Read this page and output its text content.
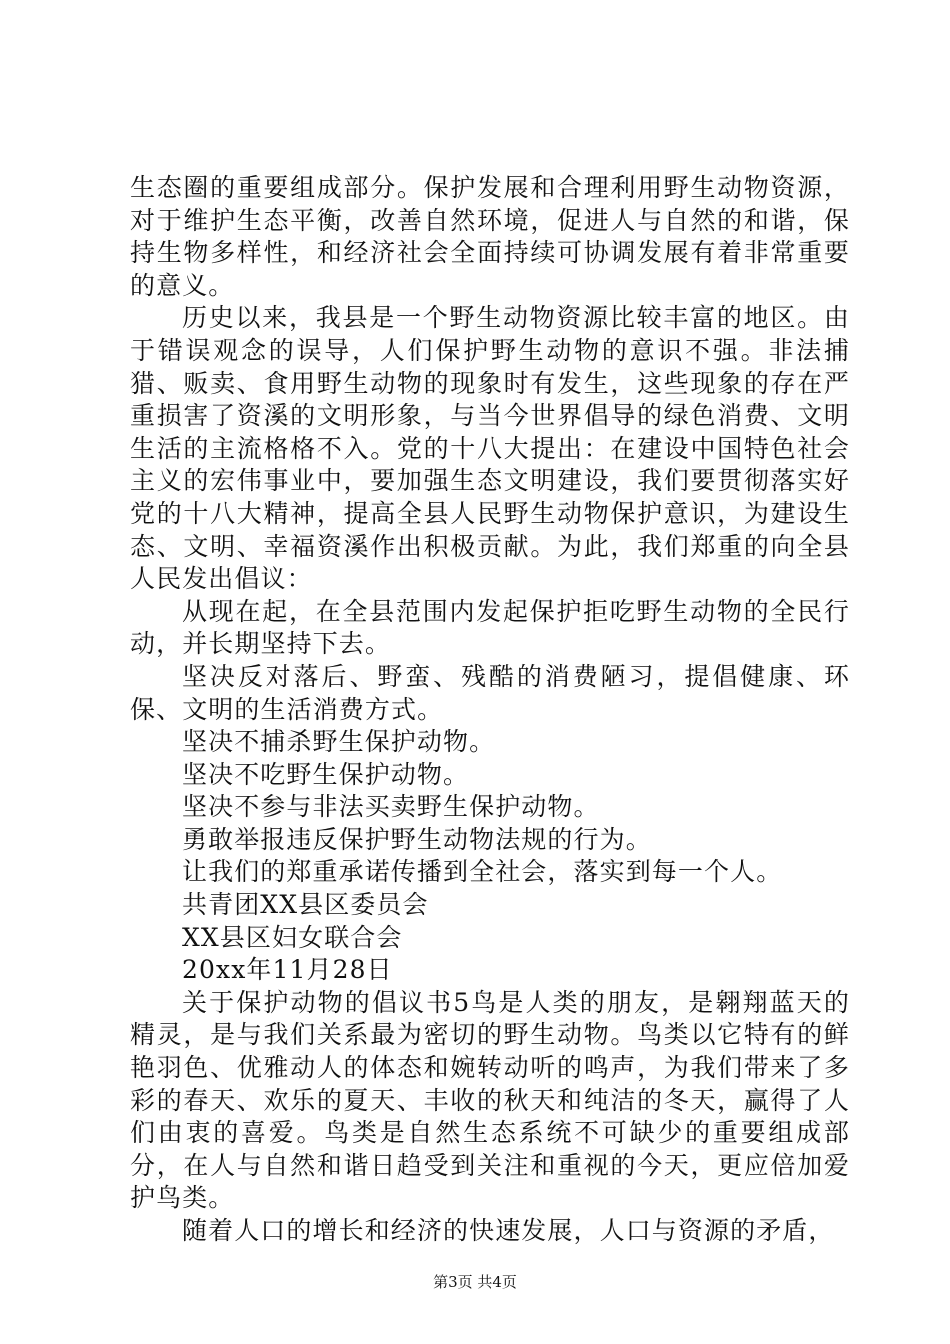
生态圈的重要组成部分。保护发展和合理利用野生动物资源，对于维护生态平衡，改善自然环境，促进人与自然的和谐，保持生物多样性，和经济社会全面持续可协调发展有着非常重要的意义。

历史以来，我县是一个野生动物资源比较丰富的地区。由于错误观念的误导，人们保护野生动物的意识不强。非法捕猎、贩卖、食用野生动物的现象时有发生，这些现象的存在严重损害了资溪的文明形象，与当今世界倡导的绿色消费、文明生活的主流格格不入。党的十八大提出：在建设中国特色社会主义的宏伟事业中，要加强生态文明建设，我们要贯彻落实好党的十八大精神，提高全县人民野生动物保护意识，为建设生态、文明、幸福资溪作出积极贡献。为此，我们郑重的向全县人民发出倡议：

从现在起，在全县范围内发起保护拒吃野生动物的全民行动，并长期坚持下去。

坚决反对落后、野蛮、残酷的消费陋习，提倡健康、环保、文明的生活消费方式。

坚决不捕杀野生保护动物。

坚决不吃野生保护动物。

坚决不参与非法买卖野生保护动物。

勇敢举报违反保护野生动物法规的行为。

让我们的郑重承诺传播到全社会，落实到每一个人。

共青团XX县区委员会

XX县区妇女联合会

20xx年11月28日

关于保护动物的倡议书5鸟是人类的朋友，是翱翔蓝天的精灵，是与我们关系最为密切的野生动物。鸟类以它特有的鲜艳羽色、优雅动人的体态和婉转动听的鸣声，为我们带来了多彩的春天、欢乐的夏天、丰收的秋天和纯洁的冬天，赢得了人们由衷的喜爱。鸟类是自然生态系统不可缺少的重要组成部分，在人与自然和谐日趋受到关注和重视的今天，更应倍加爱护鸟类。

随着人口的增长和经济的快速发展，人口与资源的矛盾，

第3页 共4页
